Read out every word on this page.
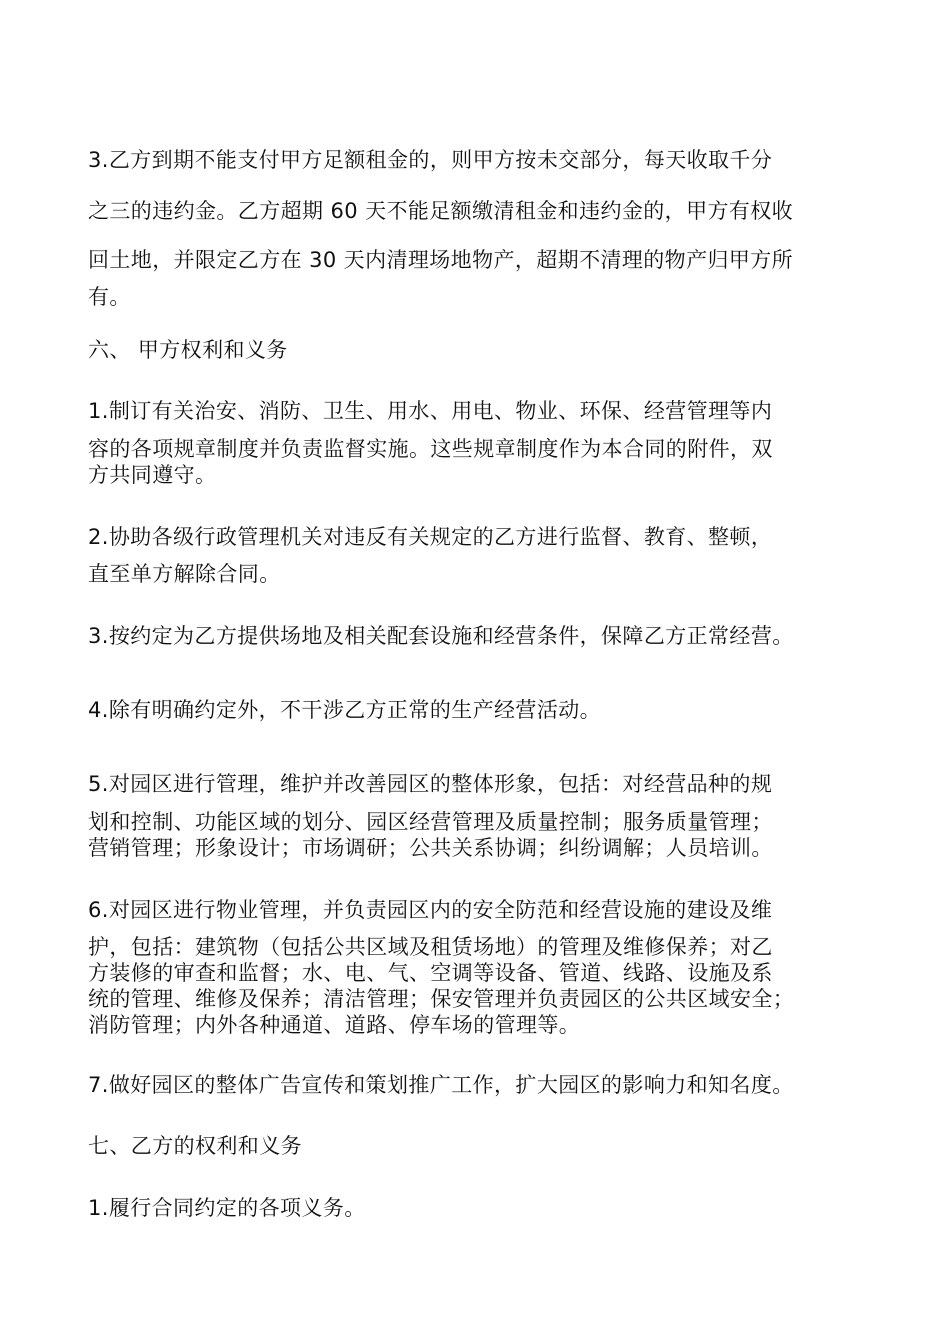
3.乙方到期不能支付甲方足额租金的，则甲方按未交部分，每天收取千分
之三的违约金。乙方超期 60 天不能足额缴清租金和违约金的，甲方有权收
回土地，并限定乙方在 30 天内清理场地物产，超期不清理的物产归甲方所
有。
六、 甲方权利和义务
1.制订有关治安、消防、卫生、用水、用电、物业、环保、经营管理等内
容的各项规章制度并负责监督实施。这些规章制度作为本合同的附件，双
方共同遵守。
2.协助各级行政管理机关对违反有关规定的乙方进行监督、教育、整顿，
直至单方解除合同。
3.按约定为乙方提供场地及相关配套设施和经营条件，保障乙方正常经营。
4.除有明确约定外，不干涉乙方正常的生产经营活动。
5.对园区进行管理，维护并改善园区的整体形象，包括：对经营品种的规
划和控制、功能区域的划分、园区经营管理及质量控制；服务质量管理；
营销管理；形象设计；市场调研；公共关系协调；纠纷调解；人员培训。
6.对园区进行物业管理，并负责园区内的安全防范和经营设施的建设及维
护，包括：建筑物（包括公共区域及租赁场地）的管理及维修保养；对乙
方装修的审查和监督；水、电、气、空调等设备、管道、线路、设施及系
统的管理、维修及保养；清洁管理；保安管理并负责园区的公共区域安全；
消防管理；内外各种通道、道路、停车场的管理等。
7.做好园区的整体广告宣传和策划推广工作，扩大园区的影响力和知名度。
七、乙方的权利和义务
1.履行合同约定的各项义务。
